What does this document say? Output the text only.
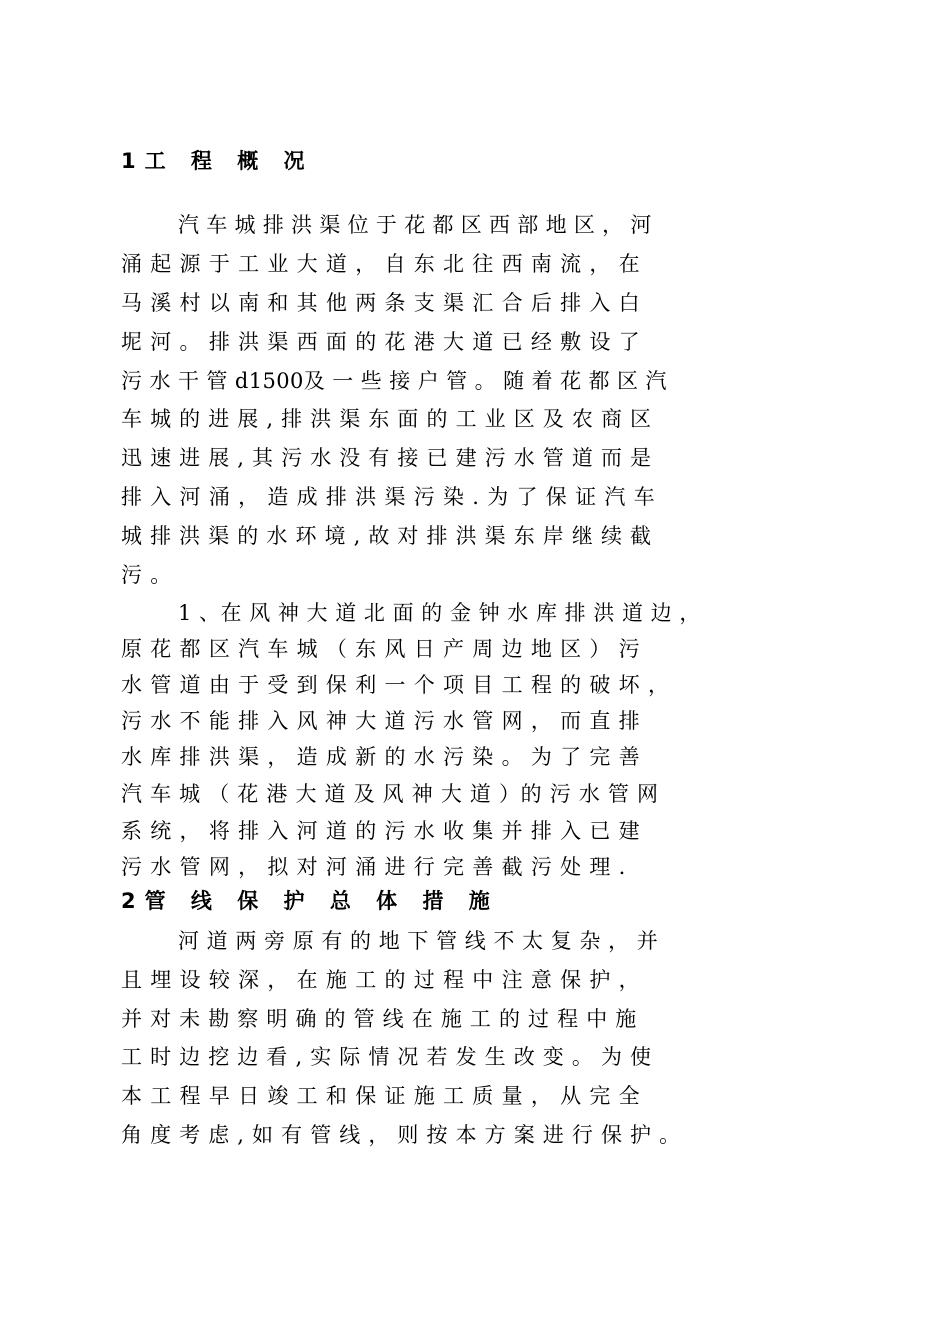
1工 程 概 况
汽 车 城 排 洪 渠 位 于 花 都 区 西 部 地 区 ， 河
涌 起 源 于 工 业 大 道 ， 自 东 北 往 西 南 流 ， 在
马 溪 村 以 南 和 其 他 两 条 支 渠 汇 合 后 排 入 白
坭 河 。 排 洪 渠 西 面 的 花 港 大 道 已 经 敷 设 了
污 水 干 管 d1500及 一 些 接 户 管 。 随 着 花 都 区 汽
车 城 的 进 展 , 排 洪 渠 东 面 的 工 业 区 及 农 商 区
迅 速 进 展 , 其 污 水 没 有 接 已 建 污 水 管 道 而 是
排 入 河 涌 ， 造 成 排 洪 渠 污 染 . 为 了 保 证 汽 车
城 排 洪 渠 的 水 环 境 , 故 对 排 洪 渠 东 岸 继 续 截
污 。
1 、在 风 神 大 道 北 面 的 金 钟 水 库 排 洪 道 边 ，
原 花 都 区 汽 车 城 （ 东 风 日 产 周 边 地 区 ） 污
水 管 道 由 于 受 到 保 利 一 个 项 目 工 程 的 破 坏 ，
污 水 不 能 排 入 风 神 大 道 污 水 管 网 ， 而 直 排
水 库 排 洪 渠 ， 造 成 新 的 水 污 染 。 为 了 完 善
汽 车 城 （ 花 港 大 道 及 风 神 大 道 ）的 污 水 管 网
系 统 ， 将 排 入 河 道 的 污 水 收 集 并 排 入 已 建
污 水 管 网 ， 拟 对 河 涌 进 行 完 善 截 污 处 理 .
2管 线 保 护 总 体 措 施
河 道 两 旁 原 有 的 地 下 管 线 不 太 复 杂 ， 并
且 埋 设 较 深 ， 在 施 工 的 过 程 中 注 意 保 护 ，
并 对 未 勘 察 明 确 的 管 线 在 施 工 的 过 程 中 施
工 时 边 挖 边 看 , 实 际 情 况 若 发 生 改 变 。 为 使
本 工 程 早 日 竣 工 和 保 证 施 工 质 量 ， 从 完 全
角 度 考 虑 , 如 有 管 线 ， 则 按 本 方 案 进 行 保 护 。
